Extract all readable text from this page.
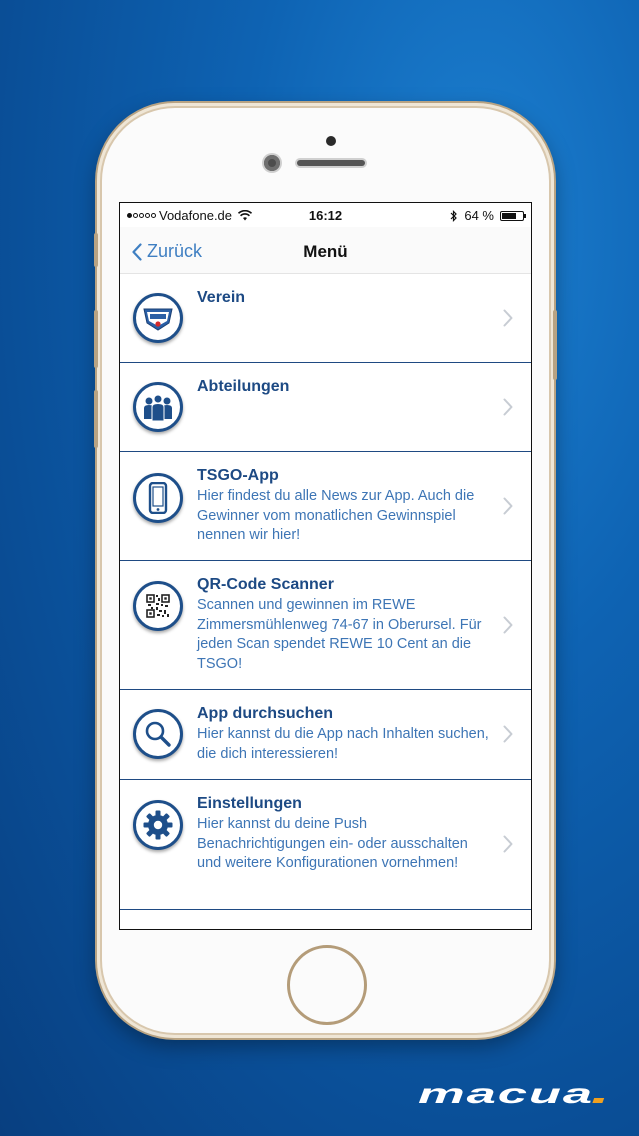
Vodafone.de	16:12	64 %
Zurück	Menü
Verein
Abteilungen
TSGO-App
Hier findest du alle News zur App. Auch die Gewinner vom monatlichen Gewinnspiel nennen wir hier!
QR-Code Scanner
Scannen und gewinnen im REWE Zimmersmühlenweg 74-67 in Oberursel. Für jeden Scan spendet REWE 10 Cent an die TSGO!
App durchsuchen
Hier kannst du die App nach Inhalten suchen, die dich interessieren!
Einstellungen
Hier kannst du deine Push Benachrichtigungen ein- oder ausschalten und weitere Konfigurationen vornehmen!
macua
